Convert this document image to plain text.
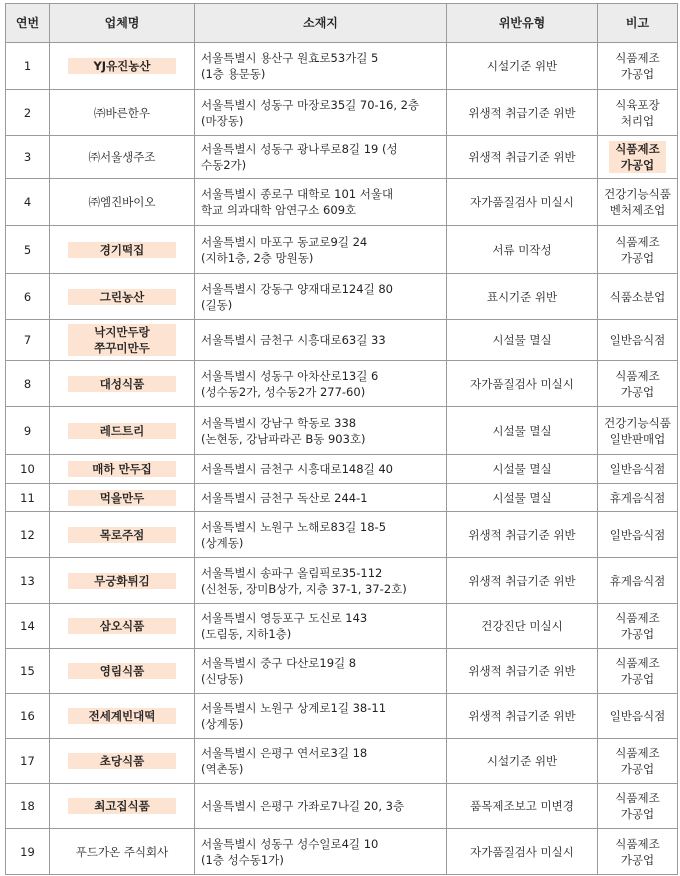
연번	업체명	소재지	위반유형	비고
1	YJ유진농산	서울특별시 용산구 원효로53가길 5
(1층 용문동)	시설기준 위반	식품제조
가공업

2	㈜바른한우	서울특별시 성동구 마장로35길 70-16, 2층
(마장동)	위생적 취급기준 위반	식육포장
처리업

3	㈜서울생주조	서울특별시 성동구 광나루로8길 19 (성
수동2가)	위생적 취급기준 위반	식품제조
가공업

4	㈜엠진바이오	서울특별시 종로구 대학로 101 서울대
학교 의과대학 암연구소 609호	자가품질검사 미실시	건강기능식품
벤처제조업

5	경기떡집	서울특별시 마포구 동교로9길 24
(지하1층, 2층 망원동)	서류 미작성	식품제조
가공업

6	그린농산	서울특별시 강동구 양재대로124길 80
(길동)	표시기준 위반	식품소분업

7	낙지만두랑
쭈꾸미만두	서울특별시 금천구 시흥대로63길 33	시설물 멸실	일반음식점

8	대성식품	서울특별시 성동구 아차산로13길 6
(성수동2가, 성수동2가 277-60)	자가품질검사 미실시	식품제조
가공업

9	레드트리	서울특별시 강남구 학동로 338
(논현동, 강남파라곤 B동 903호)	시설물 멸실	건강기능식품
일반판매업

10	매하 만두집	서울특별시 금천구 시흥대로148길 40	시설물 멸실	일반음식점

11	먹을만두	서울특별시 금천구 독산로 244-1	시설물 멸실	휴게음식점

12	목로주점	서울특별시 노원구 노해로83길 18-5
(상계동)	위생적 취급기준 위반	일반음식점

13	무궁화튀김	서울특별시 송파구 올림픽로35-112
(신천동, 장미B상가, 지층 37-1, 37-2호)	위생적 취급기준 위반	휴게음식점

14	삼오식품	서울특별시 영등포구 도신로 143
(도림동, 지하1층)	건강진단 미실시	식품제조
가공업

15	영림식품	서울특별시 중구 다산로19길 8
(신당동)	위생적 취급기준 위반	식품제조
가공업

16	전세계빈대떡	서울특별시 노원구 상계로1길 38-11
(상계동)	위생적 취급기준 위반	일반음식점

17	초당식품	서울특별시 은평구 연서로3길 18
(역촌동)	시설기준 위반	식품제조
가공업

18	최고집식품	서울특별시 은평구 가좌로7나길 20, 3층	품목제조보고 미변경	식품제조
가공업

19	푸드가온 주식회사	서울특별시 성동구 성수일로4길 10
(1층 성수동1가)	자가품질검사 미실시	식품제조
가공업
